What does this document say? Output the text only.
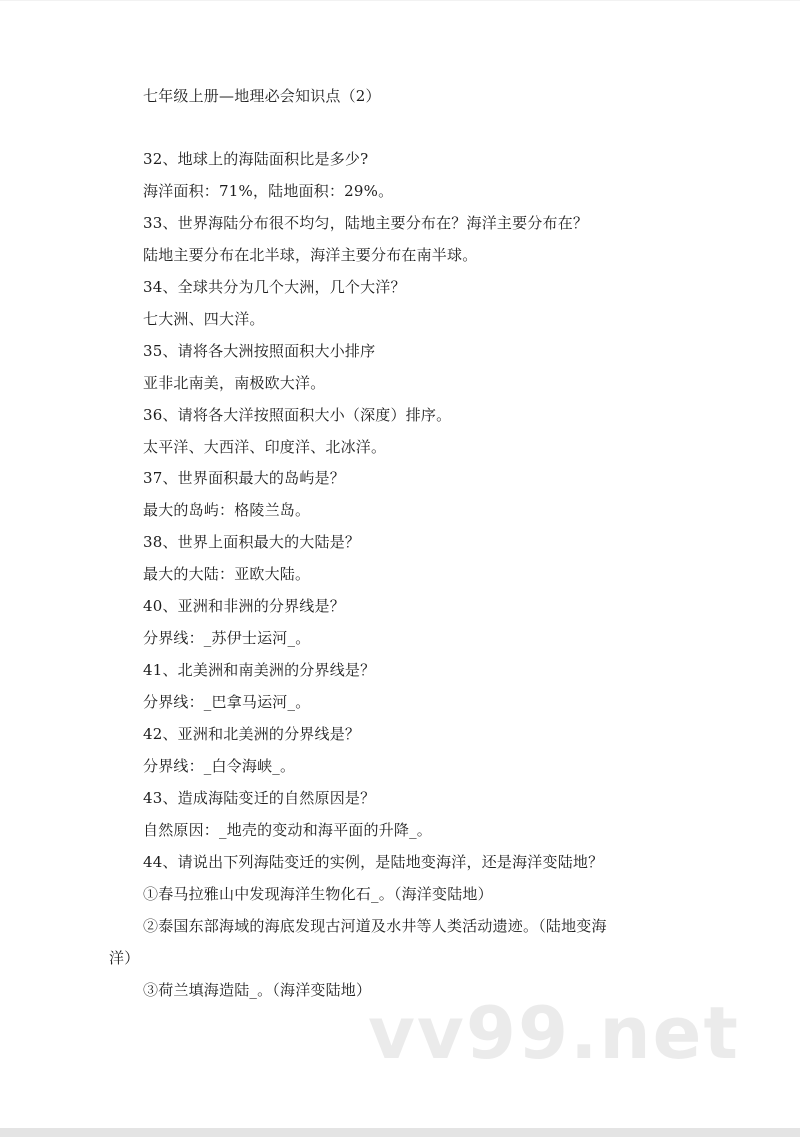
七年级上册—地理必会知识点（2）
32、地球上的海陆面积比是多少?
海洋面积：71%，陆地面积：29%。
33、世界海陆分布很不均匀，陆地主要分布在？海洋主要分布在？
陆地主要分布在北半球，海洋主要分布在南半球。
34、全球共分为几个大洲，几个大洋？
七大洲、四大洋。
35、请将各大洲按照面积大小排序
亚非北南美，南极欧大洋。
36、请将各大洋按照面积大小（深度）排序。
太平洋、大西洋、印度洋、北冰洋。
37、世界面积最大的岛屿是？
最大的岛屿：格陵兰岛。
38、世界上面积最大的大陆是？
最大的大陆：亚欧大陆。
40、亚洲和非洲的分界线是？
分界线：_苏伊士运河_。
41、北美洲和南美洲的分界线是？
分界线：_巴拿马运河_。
42、亚洲和北美洲的分界线是？
分界线：_白令海峡_。
43、造成海陆变迁的自然原因是？
自然原因：_地壳的变动和海平面的升降_。
44、请说出下列海陆变迁的实例，是陆地变海洋，还是海洋变陆地？
①春马拉雅山中发现海洋生物化石_。（海洋变陆地）
②泰国东部海域的海底发现古河道及水井等人类活动遗迹。（陆地变海
洋）
③荷兰填海造陆_。（海洋变陆地）
vv99.net
